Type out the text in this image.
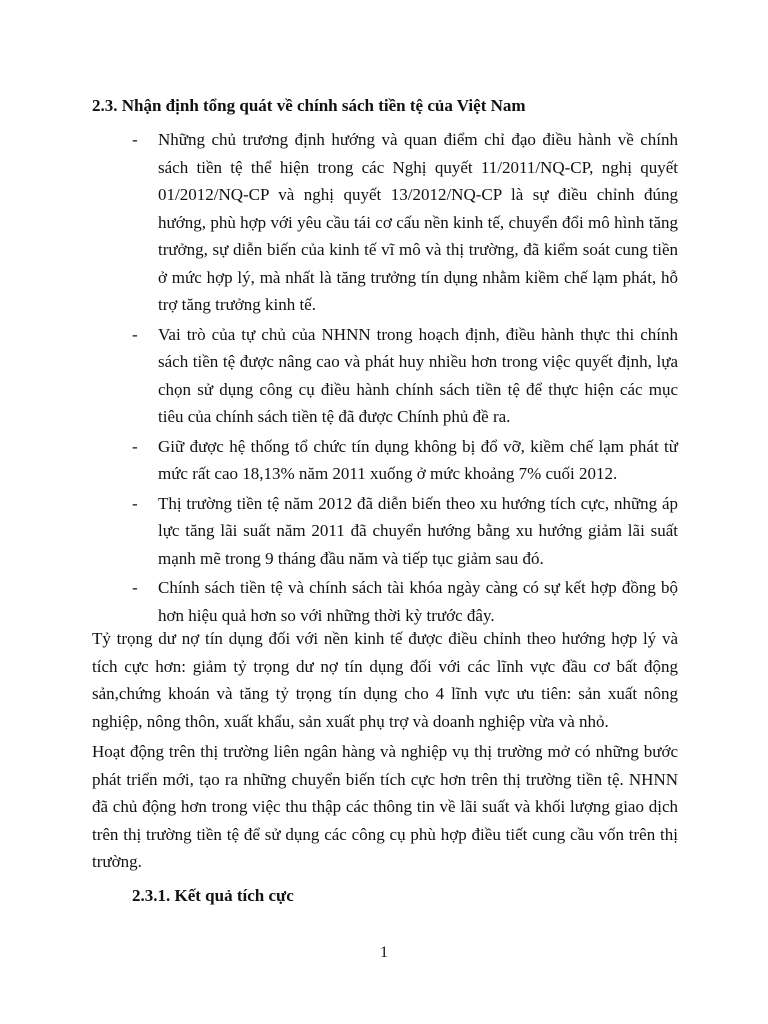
2.3. Nhận định tổng quát về chính sách tiền tệ của Việt Nam
- Những chủ trương định hướng và quan điểm chỉ đạo điều hành về chính sách tiền tệ thể hiện trong các Nghị quyết 11/2011/NQ-CP, nghị quyết 01/2012/NQ-CP và nghị quyết 13/2012/NQ-CP là sự điều chỉnh đúng hướng, phù hợp với yêu cầu tái cơ cấu nền kinh tế, chuyển đổi mô hình tăng trưởng, sự diễn biến của kinh tế vĩ mô và thị trường, đã kiểm soát cung tiền ở mức hợp lý, mà nhất là tăng trưởng tín dụng nhằm kiềm chế lạm phát, hỗ trợ tăng trưởng kinh tế.
- Vai trò của tự chủ của NHNN trong hoạch định, điều hành thực thi chính sách tiền tệ được nâng cao và phát huy nhiều hơn trong việc quyết định, lựa chọn sử dụng công cụ điều hành chính sách tiền tệ để thực hiện các mục tiêu của chính sách tiền tệ đã được Chính phủ đề ra.
- Giữ được hệ thống tổ chức tín dụng không bị đổ vỡ, kiềm chế lạm phát từ mức rất cao 18,13% năm 2011 xuống ở mức khoảng 7% cuối 2012.
- Thị trường tiền tệ năm 2012 đã diễn biến theo xu hướng tích cực, những áp lực tăng lãi suất năm 2011 đã chuyển hướng bằng xu hướng giảm lãi suất mạnh mẽ trong 9 tháng đầu năm và tiếp tục giảm sau đó.
- Chính sách tiền tệ và chính sách tài khóa ngày càng có sự kết hợp đồng bộ hơn hiệu quả hơn so với những thời kỳ trước đây.

Tỷ trọng dư nợ tín dụng đối với nền kinh tế được điều chỉnh theo hướng hợp lý và tích cực hơn: giảm tỷ trọng dư nợ tín dụng đối với các lĩnh vực đầu cơ bất động sản,chứng khoán và tăng tỷ trọng tín dụng cho 4 lĩnh vực ưu tiên: sản xuất nông nghiệp, nông thôn, xuất khẩu, sản xuất phụ trợ và doanh nghiệp vừa và nhỏ.

Hoạt động trên thị trường liên ngân hàng và nghiệp vụ thị trường mở có những bước phát triển mới, tạo ra những chuyển biến tích cực hơn trên thị trường tiền tệ. NHNN đã chủ động hơn trong việc thu thập các thông tin về lãi suất và khối lượng giao dịch trên thị trường tiền tệ để sử dụng các công cụ phù hợp điều tiết cung cầu vốn trên thị trường.

2.3.1. Kết quả tích cực
1
